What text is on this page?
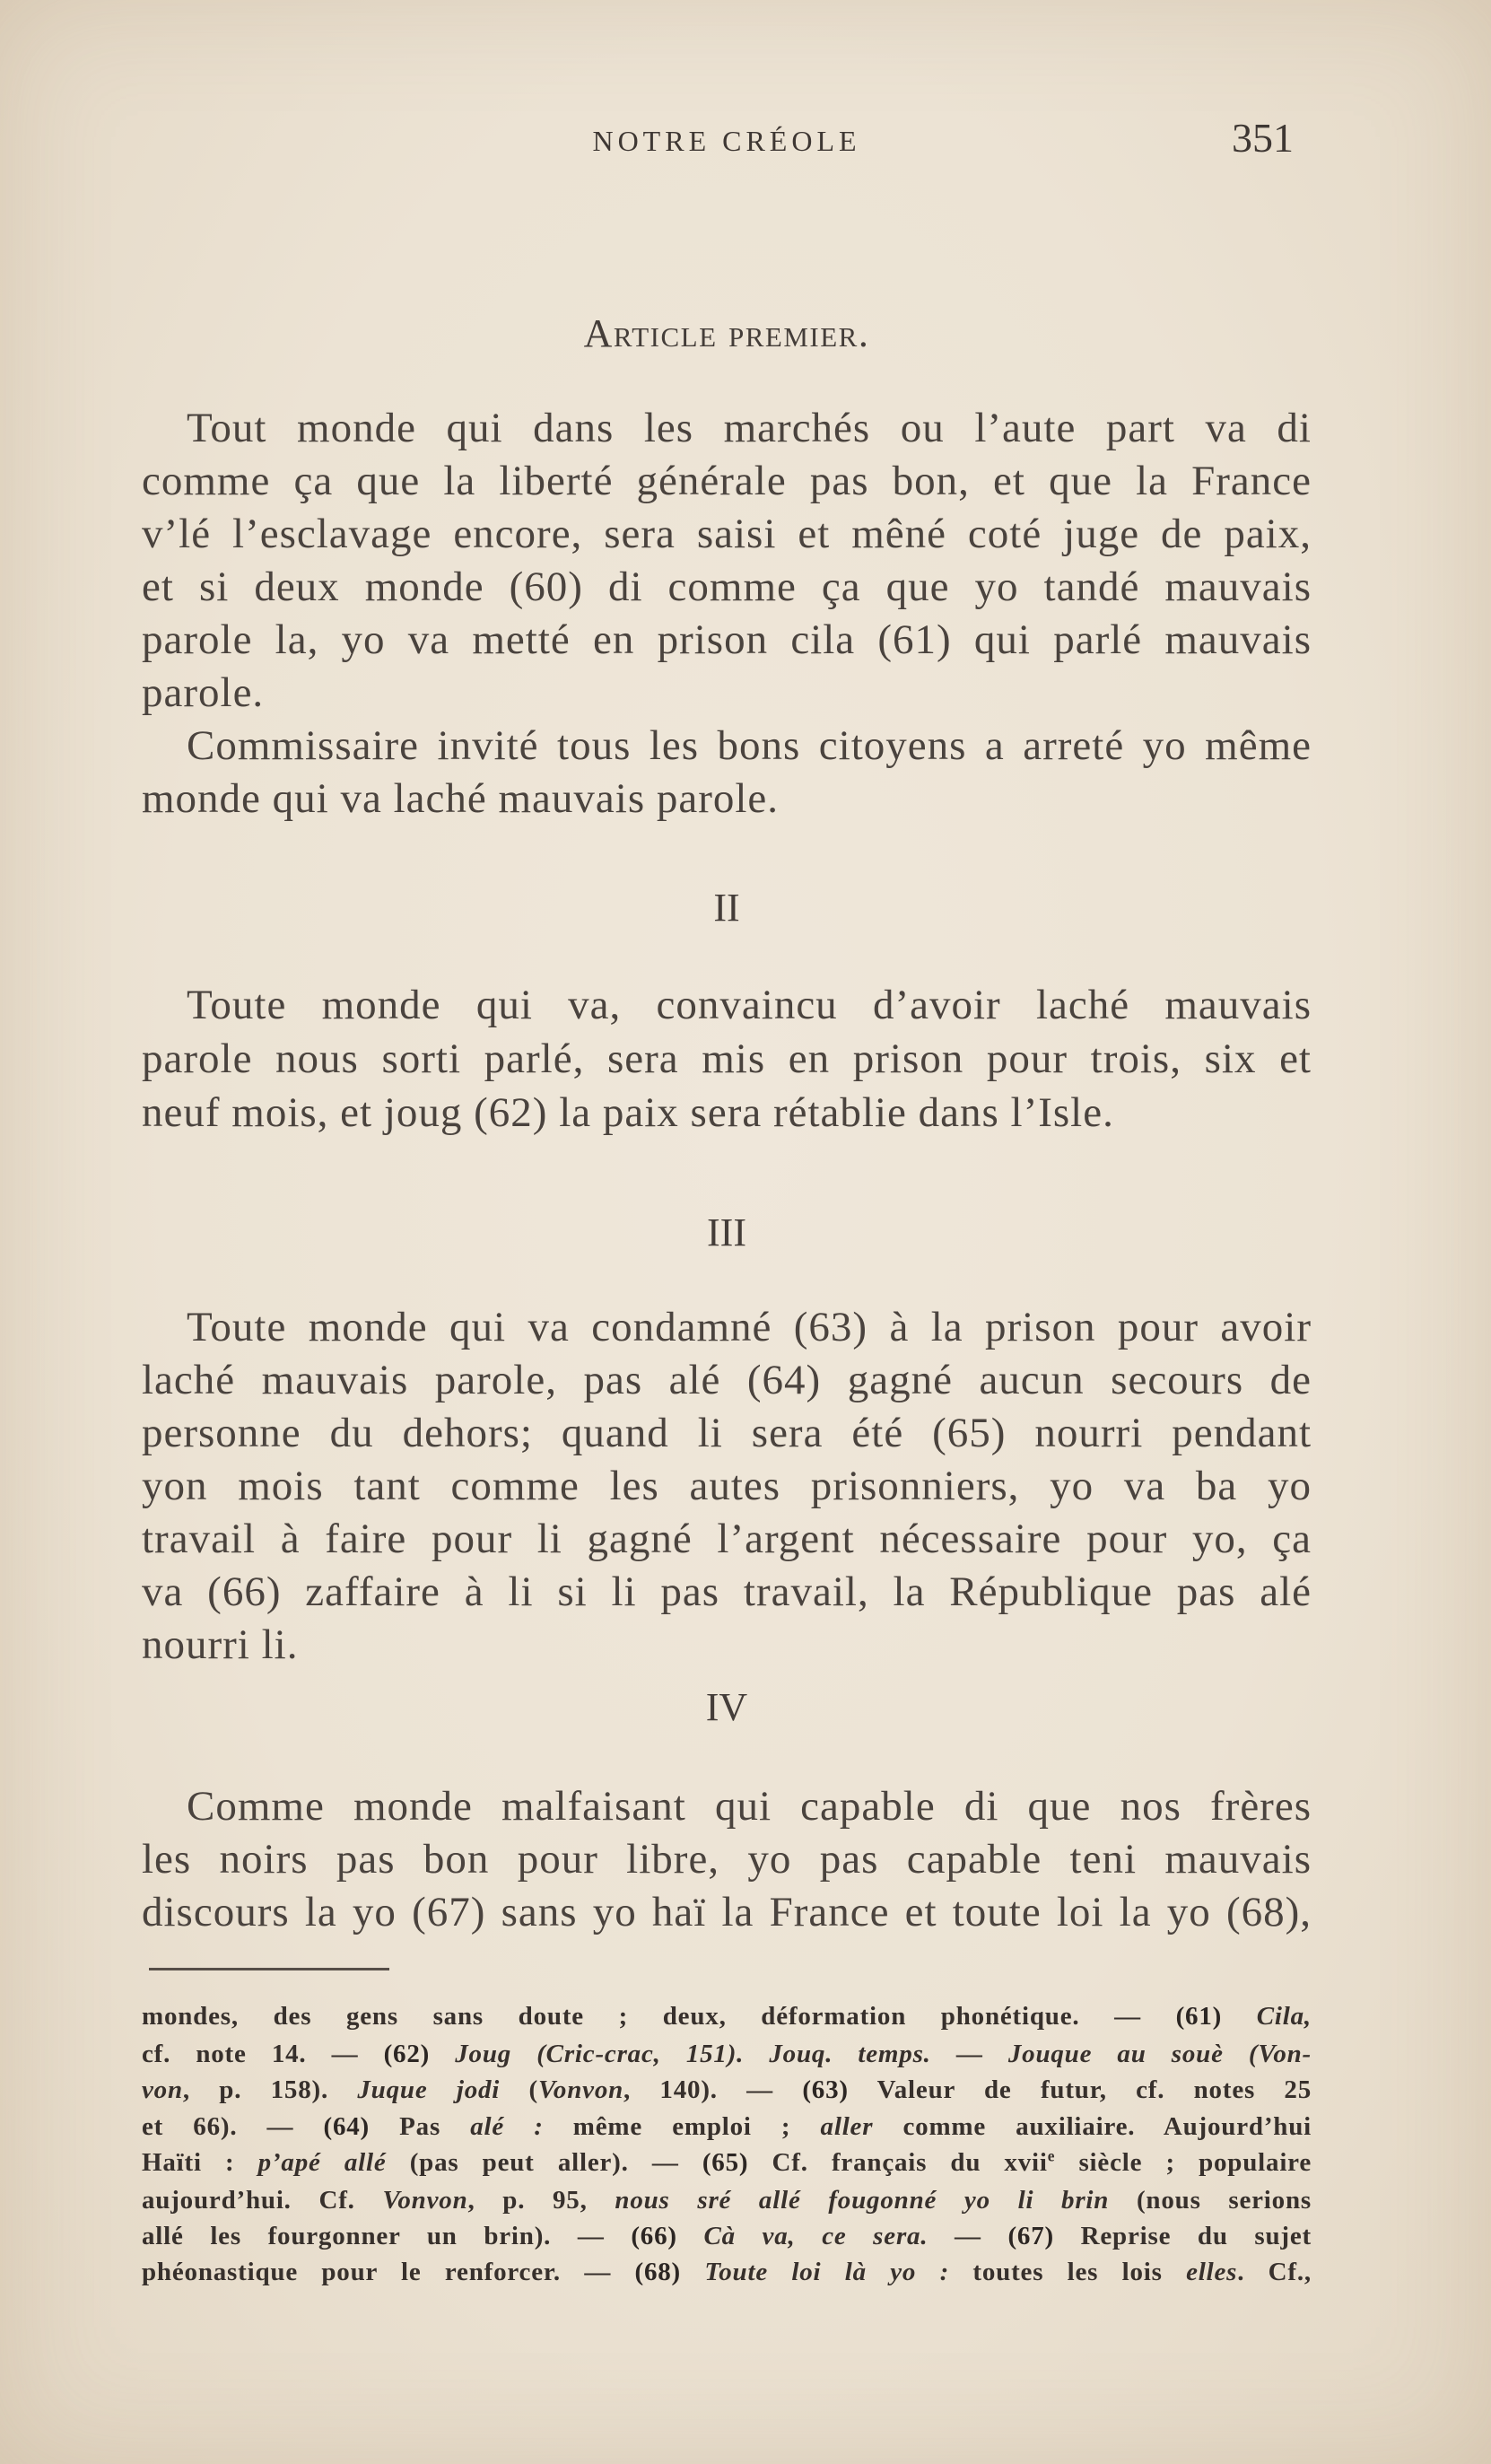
NOTRE CRÉOLE	351
Article premier.
Tout monde qui dans les marchés ou l’aute part va di
comme ça que la liberté générale pas bon, et que la France
v’lé l’esclavage encore, sera saisi et mêné coté juge de paix,
et si deux monde (60) di comme ça que yo tandé mauvais
parole la, yo va metté en prison cila (61) qui parlé mauvais
parole.
Commissaire invité tous les bons citoyens a arreté yo même
monde qui va laché mauvais parole.
II
Toute monde qui va, convaincu d’avoir laché mauvais
parole nous sorti parlé, sera mis en prison pour trois, six et
neuf mois, et joug (62) la paix sera rétablie dans l’Isle.
III
Toute monde qui va condamné (63) à la prison pour avoir
laché mauvais parole, pas alé (64) gagné aucun secours de
personne du dehors; quand li sera été (65) nourri pendant
yon mois tant comme les autes prisonniers, yo va ba yo
travail à faire pour li gagné l’argent nécessaire pour yo, ça
va (66) zaffaire à li si li pas travail, la République pas alé
nourri li.
IV
Comme monde malfaisant qui capable di que nos frères
les noirs pas bon pour libre, yo pas capable teni mauvais
discours la yo (67) sans yo haï la France et toute loi la yo (68),
mondes, des gens sans doute ; deux, déformation phonétique. — (61) Cila,
cf. note 14. — (62) Joug (Cric-crac, 151). Jouq. temps. — Jouque au souè (Von-
von, p. 158). Juque jodi (Vonvon, 140). — (63) Valeur de futur, cf. notes 25
et 66). — (64) Pas alé : même emploi ; aller comme auxiliaire. Aujourd’hui
Haïti : p’apé allé (pas peut aller). — (65) Cf. français du xvii$^e$ siècle ; populaire
aujourd’hui. Cf. Vonvon, p. 95, nous sré allé fougonné yo li brin (nous serions
allé les fourgonner un brin). — (66) Cà va, ce sera. — (67) Reprise du sujet
phéonastique pour le renforcer. — (68) Toute loi là yo : toutes les lois elles. Cf.,
